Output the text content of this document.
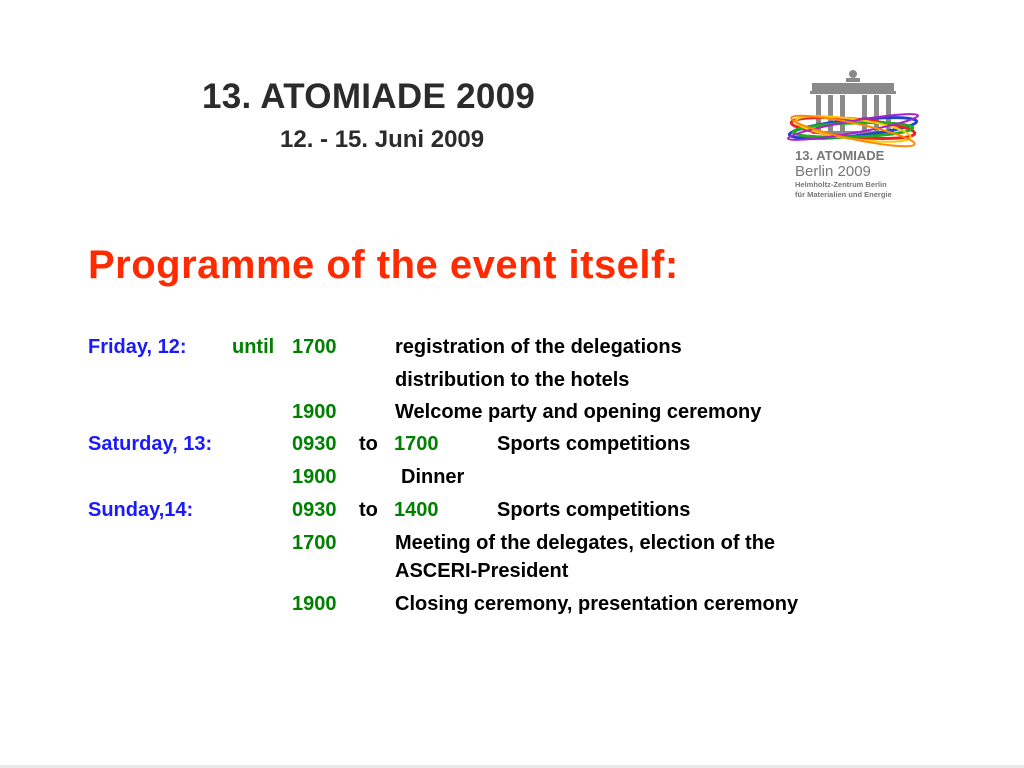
13. ATOMIADE 2009
12. - 15. Juni 2009
13. ATOMIADE
Berlin 2009
Helmholtz-Zentrum Berlin
für Materialien und Energie
Programme of the event itself:
Friday, 12: until 1700	registration of the delegations
distribution to the hotels
1900	Welcome party and opening ceremony
Saturday, 13:	0930 to 1700	Sports competitions
1900	Dinner
Sunday,14:	0930 to 1400	Sports competitions
1700	Meeting of the delegates, election of the
ASCERI-President
1900	Closing ceremony, presentation ceremony
